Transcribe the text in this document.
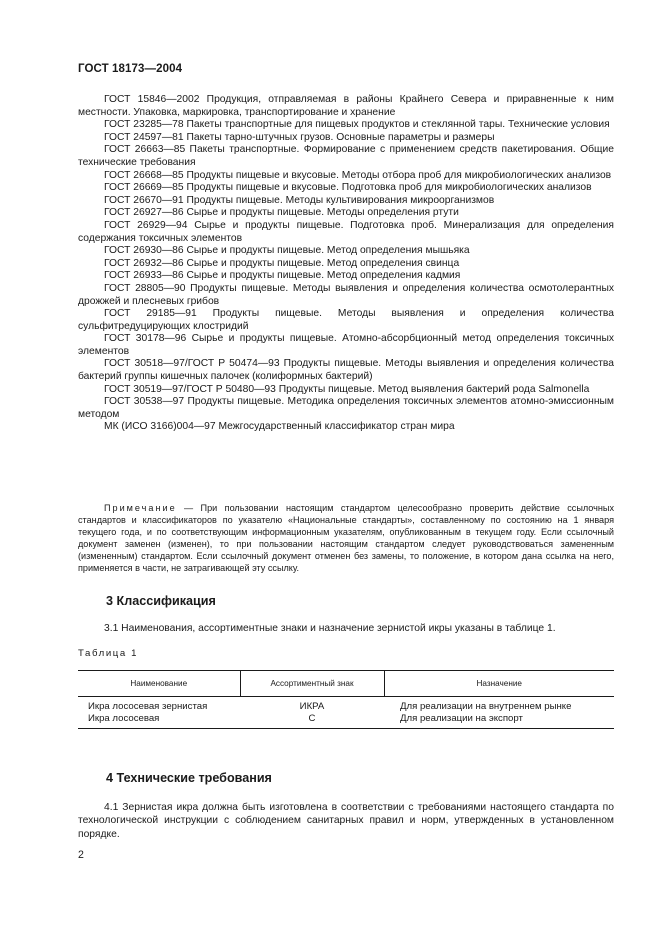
ГОСТ 18173—2004

ГОСТ 15846—2002 Продукция, отправляемая в районы Крайнего Севера и приравненные к ним местности. Упаковка, маркировка, транспортирование и хранение

ГОСТ 23285—78 Пакеты транспортные для пищевых продуктов и стеклянной тары. Технические условия

ГОСТ 24597—81 Пакеты тарно-штучных грузов. Основные параметры и размеры

ГОСТ 26663—85 Пакеты транспортные. Формирование с применением средств пакетирования. Общие технические требования

ГОСТ 26668—85 Продукты пищевые и вкусовые. Методы отбора проб для микробиологических анализов

ГОСТ 26669—85 Продукты пищевые и вкусовые. Подготовка проб для микробиологических анализов

ГОСТ 26670—91 Продукты пищевые. Методы культивирования микроорганизмов

ГОСТ 26927—86 Сырье и продукты пищевые. Методы определения ртути

ГОСТ 26929—94 Сырье и продукты пищевые. Подготовка проб. Минерализация для определения содержания токсичных элементов

ГОСТ 26930—86 Сырье и продукты пищевые. Метод определения мышьяка

ГОСТ 26932—86 Сырье и продукты пищевые. Метод определения свинца

ГОСТ 26933—86 Сырье и продукты пищевые. Метод определения кадмия

ГОСТ 28805—90 Продукты пищевые. Методы выявления и определения количества осмотолерантных дрожжей и плесневых грибов

ГОСТ 29185—91 Продукты пищевые. Методы выявления и определения количества сульфитредуцирующих клостридий

ГОСТ 30178—96 Сырье и продукты пищевые. Атомно-абсорбционный метод определения токсичных элементов

ГОСТ 30518—97/ГОСТ Р 50474—93 Продукты пищевые. Методы выявления и определения количества бактерий группы кишечных палочек (колиформных бактерий)

ГОСТ 30519—97/ГОСТ Р 50480—93 Продукты пищевые. Метод выявления бактерий рода Salmonella

ГОСТ 30538—97 Продукты пищевые. Методика определения токсичных элементов атомно-эмиссионным методом

МК (ИСО 3166)004—97 Межгосударственный классификатор стран мира

Примечание — При пользовании настоящим стандартом целесообразно проверить действие ссылочных стандартов и классификаторов по указателю «Национальные стандарты», составленному по состоянию на 1 января текущего года, и по соответствующим информационным указателям, опубликованным в текущем году. Если ссылочный документ заменен (изменен), то при пользовании настоящим стандартом следует руководствоваться замененным (измененным) стандартом. Если ссылочный документ отменен без замены, то положение, в котором дана ссылка на него, применяется в части, не затрагивающей эту ссылку.

3 Классификация

3.1 Наименования, ассортиментные знаки и назначение зернистой икры указаны в таблице 1.

Таблица 1
Наименование	Ассортиментный знак	Назначение
Икра лососевая зернистая	ИКРА	Для реализации на внутреннем рынке
Икра лососевая	С	Для реализации на экспорт
4 Технические требования

4.1 Зернистая икра должна быть изготовлена в соответствии с требованиями настоящего стандарта по технологической инструкции с соблюдением санитарных правил и норм, утвержденных в установленном порядке.

2
